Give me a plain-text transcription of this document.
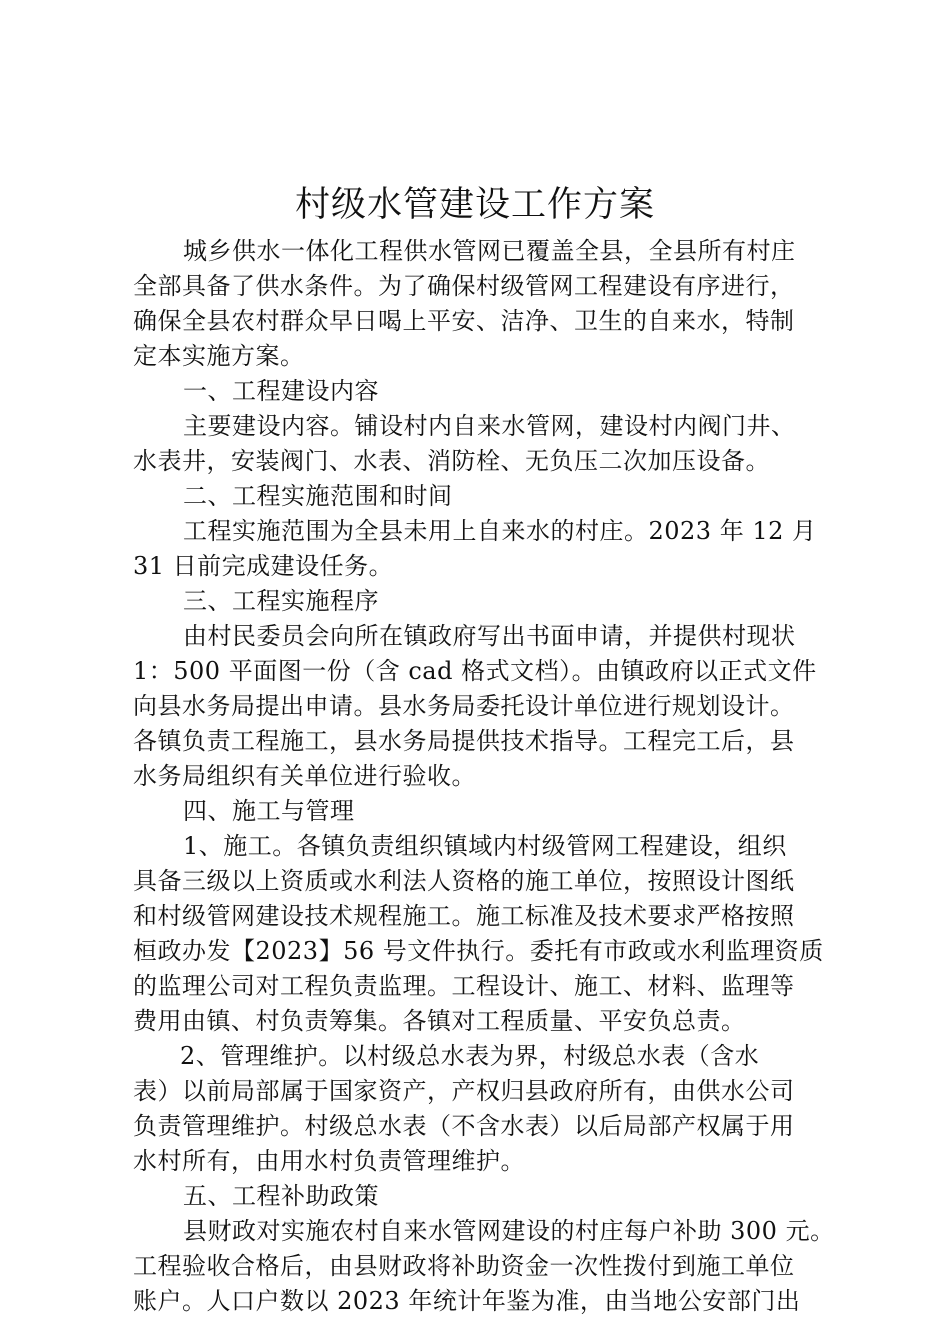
村级水管建设工作方案
城乡供水一体化工程供水管网已覆盖全县，全县所有村庄
全部具备了供水条件。为了确保村级管网工程建设有序进行，
确保全县农村群众早日喝上平安、洁净、卫生的自来水，特制
定本实施方案。
一、工程建设内容
主要建设内容。铺设村内自来水管网，建设村内阀门井、
水表井，安装阀门、水表、消防栓、无负压二次加压设备。
二、工程实施范围和时间
工程实施范围为全县未用上自来水的村庄。2023 年 12 月
31 日前完成建设任务。
三、工程实施程序
由村民委员会向所在镇政府写出书面申请，并提供村现状
1：500 平面图一份（含 cad 格式文档）。由镇政府以正式文件
向县水务局提出申请。县水务局委托设计单位进行规划设计。
各镇负责工程施工，县水务局提供技术指导。工程完工后，县
水务局组织有关单位进行验收。
四、施工与管理
1、施工。各镇负责组织镇域内村级管网工程建设，组织
具备三级以上资质或水利法人资格的施工单位，按照设计图纸
和村级管网建设技术规程施工。施工标准及技术要求严格按照
桓政办发【2023】56 号文件执行。委托有市政或水利监理资质
的监理公司对工程负责监理。工程设计、施工、材料、监理等
费用由镇、村负责筹集。各镇对工程质量、平安负总责。
2、管理维护。以村级总水表为界，村级总水表（含水
表）以前局部属于国家资产，产权归县政府所有，由供水公司
负责管理维护。村级总水表（不含水表）以后局部产权属于用
水村所有，由用水村负责管理维护。
五、工程补助政策
县财政对实施农村自来水管网建设的村庄每户补助 300 元。
工程验收合格后，由县财政将补助资金一次性拨付到施工单位
账户。人口户数以 2023 年统计年鉴为准，由当地公安部门出
